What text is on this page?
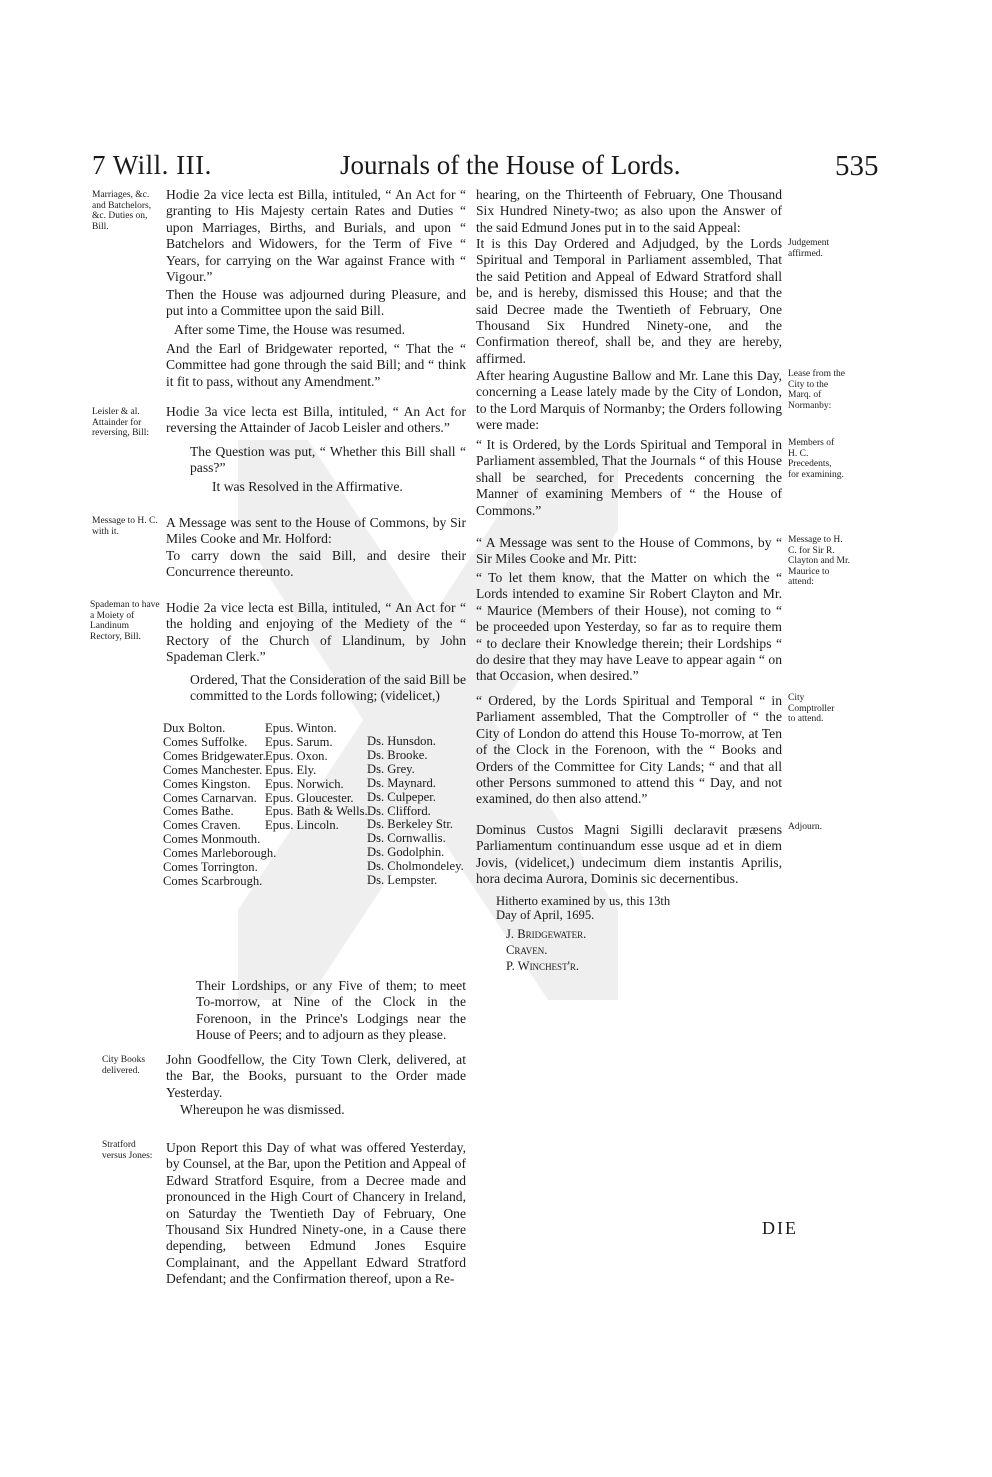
7 Will. III.	Journals of the House of Lords.	535
Marriages, &c. and Batchelors, &c. Duties on, Bill.
Leisler & al. Attainder for reversing, Bill:
Message to H. C. with it.
Spademan to have a Moiety of Landinum Rectory, Bill.
City Books delivered.
Stratford versus Jones:
Hodie 2a vice lecta est Billa, intituled, “ An Act for “ granting to His Majesty certain Rates and Duties “ upon Marriages, Births, and Burials, and upon “ Batchelors and Widowers, for the Term of Five “ Years, for carrying on the War against France with “ Vigour.”
Then the House was adjourned during Pleasure, and put into a Committee upon the said Bill.
After some Time, the House was resumed.
And the Earl of Bridgewater reported, “ That the “ Committee had gone through the said Bill; and “ think it fit to pass, without any Amendment.”
Hodie 3a vice lecta est Billa, intituled, “ An Act for reversing the Attainder of Jacob Leisler and others.”
The Question was put, “ Whether this Bill shall “ pass?”
It was Resolved in the Affirmative.
A Message was sent to the House of Commons, by Sir Miles Cooke and Mr. Holford:
To carry down the said Bill, and desire their Concurrence thereunto.
Hodie 2a vice lecta est Billa, intituled, “ An Act for “ the holding and enjoying of the Mediety of the “ Rectory of the Church of Llandinum, by John Spademan Clerk.”
Ordered, That the Consideration of the said Bill be committed to the Lords following; (videlicet,)
Dux Bolton.
Comes Suffolke.
Comes Bridgewater.
Comes Manchester.
Comes Kingston.
Comes Carnarvan.
Comes Bathe.
Comes Craven.
Comes Monmouth.
Comes Marleborough.
Comes Torrington.
Comes Scarbrough.
Epus. Winton.
Epus. Sarum.
Epus. Oxon.
Epus. Ely.
Epus. Norwich.
Epus. Gloucester.
Epus. Bath & Wells.
Epus. Lincoln.
Ds. Hunsdon.
Ds. Brooke.
Ds. Grey.
Ds. Maynard.
Ds. Culpeper.
Ds. Clifford.
Ds. Berkeley Str.
Ds. Cornwallis.
Ds. Godolphin.
Ds. Cholmondeley.
Ds. Lempster.
Their Lordships, or any Five of them; to meet To-morrow, at Nine of the Clock in the Forenoon, in the Prince's Lodgings near the House of Peers; and to adjourn as they please.
John Goodfellow, the City Town Clerk, delivered, at the Bar, the Books, pursuant to the Order made Yesterday.
Whereupon he was dismissed.
Upon Report this Day of what was offered Yesterday, by Counsel, at the Bar, upon the Petition and Appeal of Edward Stratford Esquire, from a Decree made and pronounced in the High Court of Chancery in Ireland, on Saturday the Twentieth Day of February, One Thousand Six Hundred Ninety-one, in a Cause there depending, between Edmund Jones Esquire Complainant, and the Appellant Edward Stratford Defendant; and the Confirmation thereof, upon a Re-
hearing, on the Thirteenth of February, One Thousand Six Hundred Ninety-two; as also upon the Answer of the said Edmund Jones put in to the said Appeal:
It is this Day Ordered and Adjudged, by the Lords Spiritual and Temporal in Parliament assembled, That the said Petition and Appeal of Edward Stratford shall be, and is hereby, dismissed this House; and that the said Decree made the Twentieth of February, One Thousand Six Hundred Ninety-one, and the Confirmation thereof, shall be, and they are hereby, affirmed.
After hearing Augustine Ballow and Mr. Lane this Day, concerning a Lease lately made by the City of London, to the Lord Marquis of Normanby; the Orders following were made:
“ It is Ordered, by the Lords Spiritual and Temporal in Parliament assembled, That the Journals “ of this House shall be searched, for Precedents concerning the Manner of examining Members of “ the House of Commons.”
“ A Message was sent to the House of Commons, by “ Sir Miles Cooke and Mr. Pitt:
“ To let them know, that the Matter on which the “ Lords intended to examine Sir Robert Clayton and Mr. “ Maurice (Members of their House), not coming to “ be proceeded upon Yesterday, so far as to require them “ to declare their Knowledge therein; their Lordships “ do desire that they may have Leave to appear again “ on that Occasion, when desired.”
“ Ordered, by the Lords Spiritual and Temporal “ in Parliament assembled, That the Comptroller of “ the City of London do attend this House To-morrow, at Ten of the Clock in the Forenoon, with the “ Books and Orders of the Committee for City Lands; “ and that all other Persons summoned to attend this “ Day, and not examined, do then also attend.”
Dominus Custos Magni Sigilli declaravit præsens Parliamentum continuandum esse usque ad et in diem Jovis, (videlicet,) undecimum diem instantis Aprilis, hora decima Aurora, Dominis sic decernentibus.
Hitherto examined by us, this 13th Day of April, 1695.
J. Bridgewater.
Craven.
P. Winchest'r.
DIE
Judgement affirmed.
Lease from the City to the Marq. of Normanby:
Members of H. C. Precedents, for examining.
Message to H. C. for Sir R. Clayton and Mr. Maurice to attend:
City Comptroller to attend.
Adjourn.
